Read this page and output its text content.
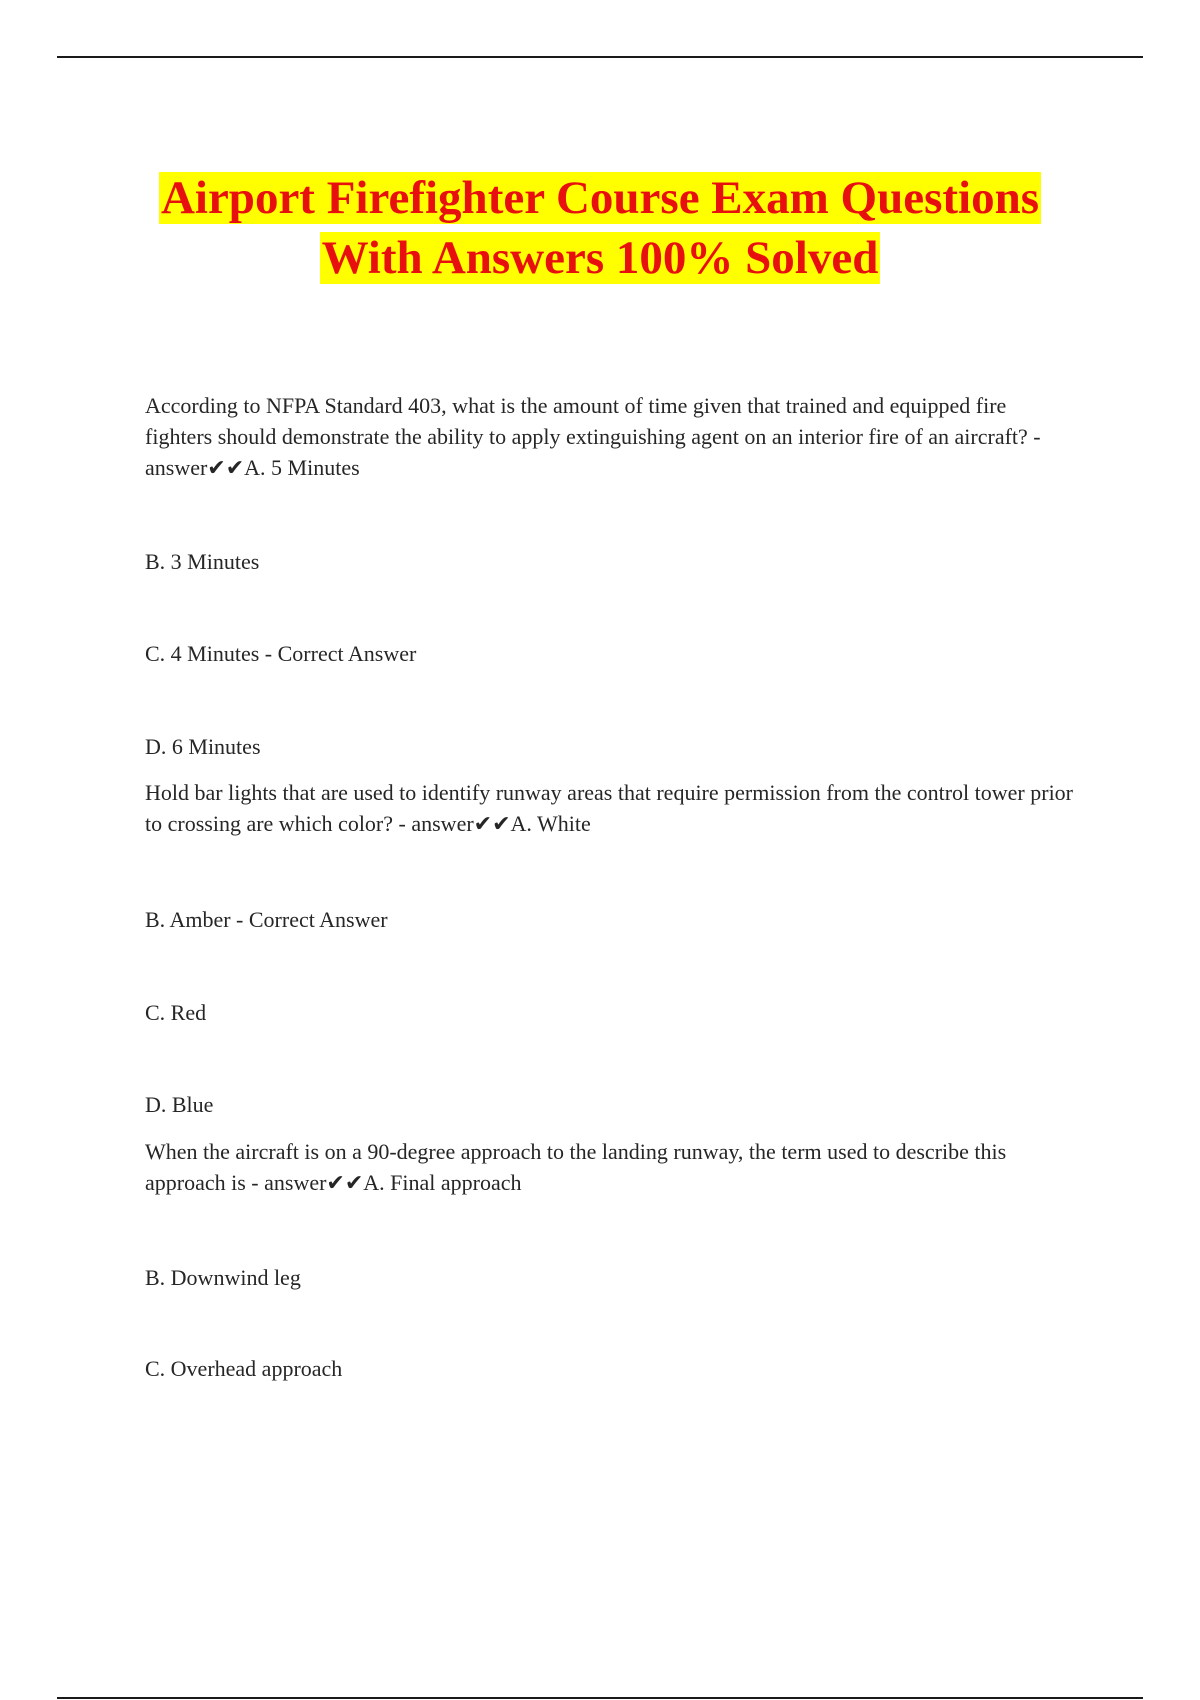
Airport Firefighter Course Exam Questions
With Answers 100% Solved
According to NFPA Standard 403, what is the amount of time given that trained and equipped fire fighters should demonstrate the ability to apply extinguishing agent on an interior fire of an aircraft? - answer✔✔A. 5 Minutes
B. 3 Minutes
C. 4 Minutes - Correct Answer
D. 6 Minutes
Hold bar lights that are used to identify runway areas that require permission from the control tower prior to crossing are which color? - answer✔✔A. White
B. Amber - Correct Answer
C. Red
D. Blue
When the aircraft is on a 90-degree approach to the landing runway, the term used to describe this approach is - answer✔✔A. Final approach
B. Downwind leg
C. Overhead approach
